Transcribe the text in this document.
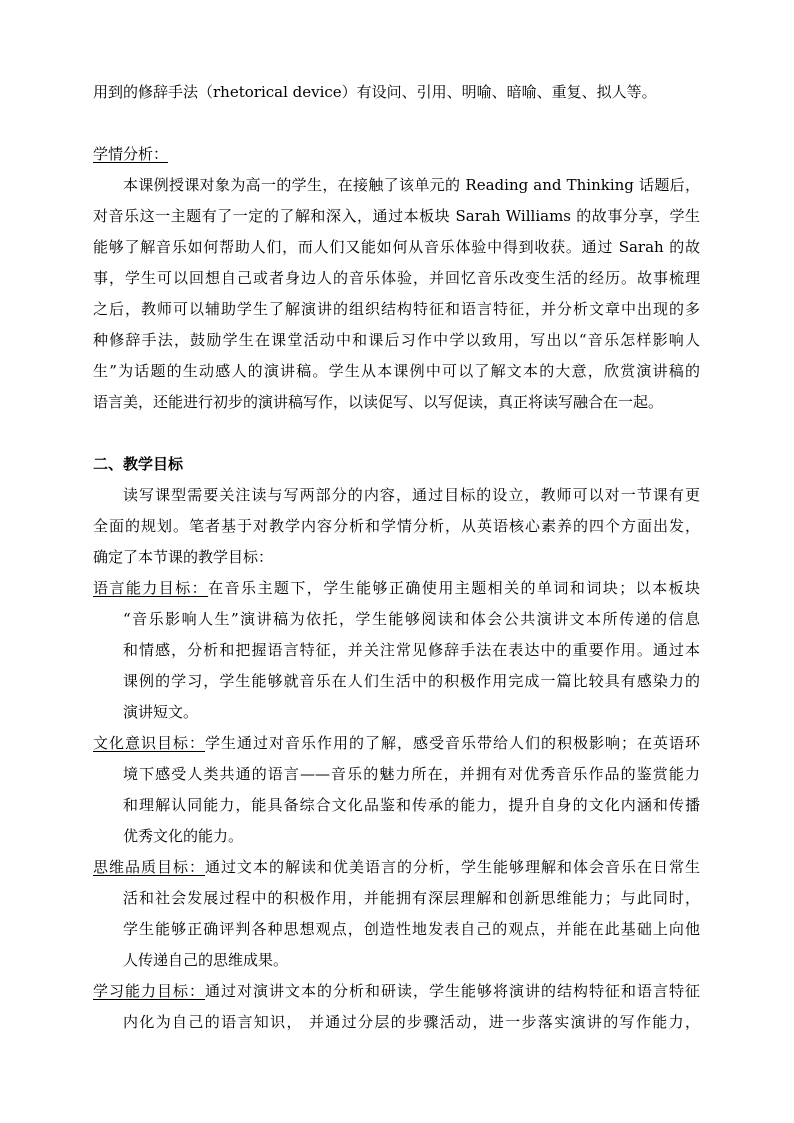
用到的修辞手法（rhetorical device）有设问、引用、明喻、暗喻、重复、拟人等。
学情分析：
本课例授课对象为高一的学生，在接触了该单元的 Reading and Thinking 话题后，
对音乐这一主题有了一定的了解和深入，通过本板块 Sarah Williams 的故事分享，学生
能够了解音乐如何帮助人们，而人们又能如何从音乐体验中得到收获。通过 Sarah 的故
事，学生可以回想自己或者身边人的音乐体验，并回忆音乐改变生活的经历。故事梳理
之后，教师可以辅助学生了解演讲的组织结构特征和语言特征，并分析文章中出现的多
种修辞手法，鼓励学生在课堂活动中和课后习作中学以致用，写出以“音乐怎样影响人
生”为话题的生动感人的演讲稿。学生从本课例中可以了解文本的大意，欣赏演讲稿的
语言美，还能进行初步的演讲稿写作，以读促写、以写促读，真正将读写融合在一起。
二、教学目标
读写课型需要关注读与写两部分的内容，通过目标的设立，教师可以对一节课有更
全面的规划。笔者基于对教学内容分析和学情分析，从英语核心素养的四个方面出发，
确定了本节课的教学目标：
语言能力目标：在音乐主题下，学生能够正确使用主题相关的单词和词块；以本板块
“音乐影响人生”演讲稿为依托，学生能够阅读和体会公共演讲文本所传递的信息
和情感，分析和把握语言特征，并关注常见修辞手法在表达中的重要作用。通过本
课例的学习，学生能够就音乐在人们生活中的积极作用完成一篇比较具有感染力的
演讲短文。
文化意识目标：学生通过对音乐作用的了解，感受音乐带给人们的积极影响；在英语环
境下感受人类共通的语言——音乐的魅力所在，并拥有对优秀音乐作品的鉴赏能力
和理解认同能力，能具备综合文化品鉴和传承的能力，提升自身的文化内涵和传播
优秀文化的能力。
思维品质目标：通过文本的解读和优美语言的分析，学生能够理解和体会音乐在日常生
活和社会发展过程中的积极作用，并能拥有深层理解和创新思维能力；与此同时，
学生能够正确评判各种思想观点，创造性地发表自己的观点，并能在此基础上向他
人传递自己的思维成果。
学习能力目标：通过对演讲文本的分析和研读，学生能够将演讲的结构特征和语言特征
内化为自己的语言知识， 并通过分层的步骤活动，进一步落实演讲的写作能力，
